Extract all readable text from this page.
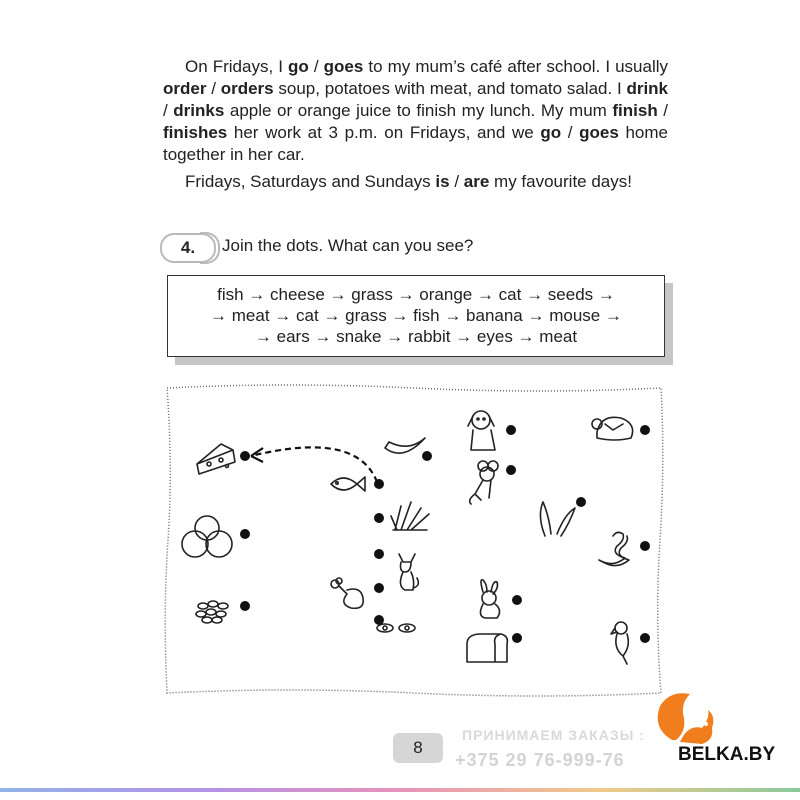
On Fridays, I go / goes to my mum’s café after school. I usually order / orders soup, potatoes with meat, and tomato salad. I drink / drinks apple or orange juice to finish my lunch. My mum finish / finishes her work at 3 p.m. on Fridays, and we go / goes home together in her car.
Fridays, Saturdays and Sundays is / are my favourite days!
4.	Join the dots. What can you see?
fish → cheese → grass → orange → cat → seeds →
→ meat → cat → grass → fish → banana → mouse →
→ ears → snake → rabbit → eyes → meat
8
ПРИНИМАЕМ ЗАКАЗЫ :
+375 29 76-999-76	BELKA.BY
